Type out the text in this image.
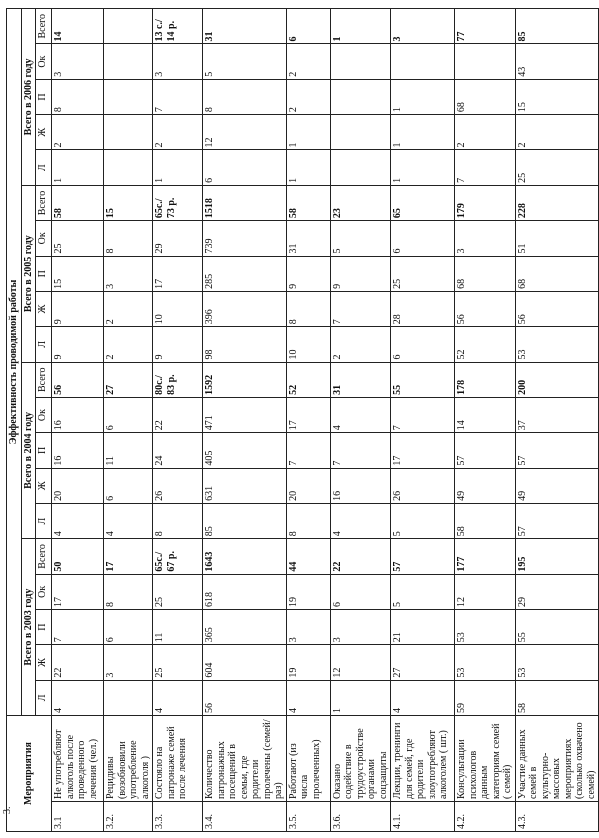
3.
Мероприятия		Эффективность проводимой работы																			
		Всего в 2003 году					Всего в 2004 году					Всего в 2005 году					Всего в 2006 году				
		Л	Ж	П	Ок	Всего	Л	Ж	П	Ок	Всего	Л	Ж	П	Ок	Всего	Л	Ж	П	Ок	Всего
3.1	Не употребляют алкоголь после проведенного лечения (чел.)	4	22	7	17	50	4	20	16	16	56	9	9	15	25	58	1	2	8	3	14
3.2.	Рецидивы (возобновили употребление алкоголя )		3	6	8	17	4	6	11	6	27	2	2	3	8	15					
3.3.	Состояло на патронаже семей после лечения	4	25	11	25	65с./ 67 р.	8	26	24	22	80с./ 83 р.	9	10	17	29	65с./ 73 р.	1	2	7	3	13 с./ 14 р.
3.4.	Количество патронажных посещений в семьи, где родители пролечены (семей/раз)	56	604	365	618	1643	85	631	405	471	1592	98	396	285	739	1518	6	12	8	5	31
3.5.	Работают (из числа пролеченных)	4	19	3	19	44	8	20	7	17	52	10	8	9	31	58	1	1	2	2	6
3.6.	Оказано содействие в трудоустройстве органами соцзащиты	1	12	3	6	22	4	16	7	4	31	2	7	9	5	23					1
4.1.	Лекции, тренинги для семей, где родители злоупотребляют алкоголем ( шт.)	4	27	21	5	57	5	26	17	7	55	6	28	25	6	65	1	1	1		3
4.2.	Консультации психологов данным категориям семей ( семей)	59	53	53	12	177	58	49	57	14	178	52	56	68	3	179	7	2	68		77
4.3.	Участие данных семей в культурно-массовых мероприятиях (сколько охвачено семей)	58	53	55	29	195	57	49	57	37	200	53	56	68	51	228	25	2	15	43	85
